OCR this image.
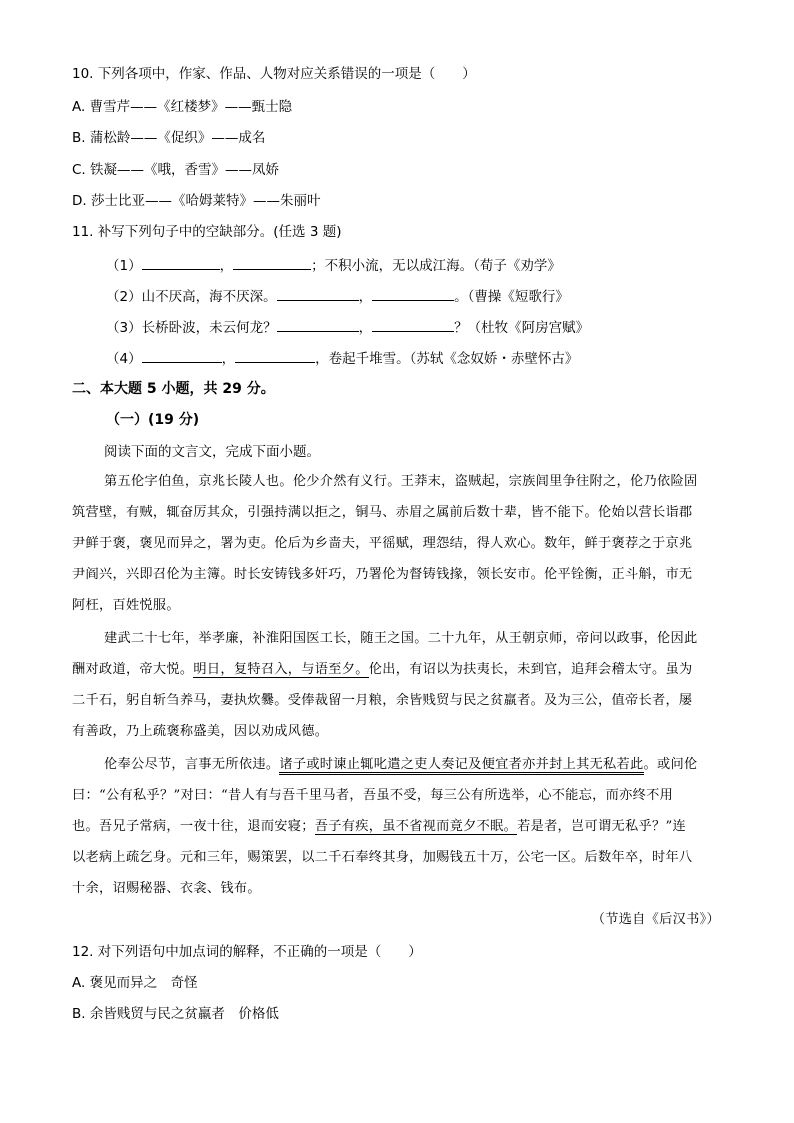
10. 下列各项中，作家、作品、人物对应关系错误的一项是（　　）
A. 曹雪芹——《红楼梦》——甄士隐
B. 蒲松龄——《促织》——成名
C. 铁凝——《哦，香雪》——凤娇
D. 莎士比亚——《哈姆莱特》——朱丽叶
11. 补写下列句子中的空缺部分。(任选 3 题)
（1）	，	；不积小流，无以成江海。（荀子《劝学》
（2）山不厌高，海不厌深。	，	。（曹操《短歌行》
（3）长桥卧波，未云何龙？	，	？（杜牧《阿房宫赋》
（4）	，	，卷起千堆雪。（苏轼《念奴娇・赤壁怀古》
二、本大题 5 小题，共 29 分。
（一）(19 分)
阅读下面的文言文，完成下面小题。
第五伦字伯鱼，京兆长陵人也。伦少介然有义行。王莽末，盗贼起，宗族闾里争往附之，伦乃依险固
筑营壁，有贼，辄奋厉其众，引强持满以拒之，铜马、赤眉之属前后数十辈，皆不能下。伦始以营长诣郡
尹鲜于褒，褒见而异之，署为吏。伦后为乡啬夫，平徭赋，理怨结，得人欢心。数年，鲜于褒荐之于京兆
尹阎兴，兴即召伦为主簿。时长安铸钱多奸巧，乃署伦为督铸钱掾，领长安市。伦平铨衡，正斗斛，市无
阿枉，百姓悦服。
建武二十七年，举孝廉，补淮阳国医工长，随王之国。二十九年，从王朝京师，帝问以政事，伦因此
酬对政道，帝大悦。明日，复特召入，与语至夕。伦出，有诏以为扶夷长，未到官，追拜会稽太守。虽为
二千石，躬自斩刍养马，妻执炊爨。受俸裁留一月粮，余皆贱贸与民之贫羸者。及为三公，值帝长者，屡
有善政，乃上疏褒称盛美，因以劝成风德。
伦奉公尽节，言事无所依违。诸子或时谏止辄叱遣之吏人奏记及便宜者亦并封上其无私若此。或问伦
曰：“公有私乎？”对曰：“昔人有与吾千里马者，吾虽不受，每三公有所选举，心不能忘，而亦终不用
也。吾兄子常病，一夜十往，退而安寝；吾子有疾，虽不省视而竟夕不眠。若是者，岂可谓无私乎？”连
以老病上疏乞身。元和三年，赐策罢，以二千石奉终其身，加赐钱五十万，公宅一区。后数年卒，时年八
十余，诏赐秘器、衣衾、钱布。
（节选自《后汉书》）
12. 对下列语句中加点词的解释，不正确的一项是（　　）
A. 褒见而异之　奇怪
B. 余皆贱贸与民之贫羸者　价格低
